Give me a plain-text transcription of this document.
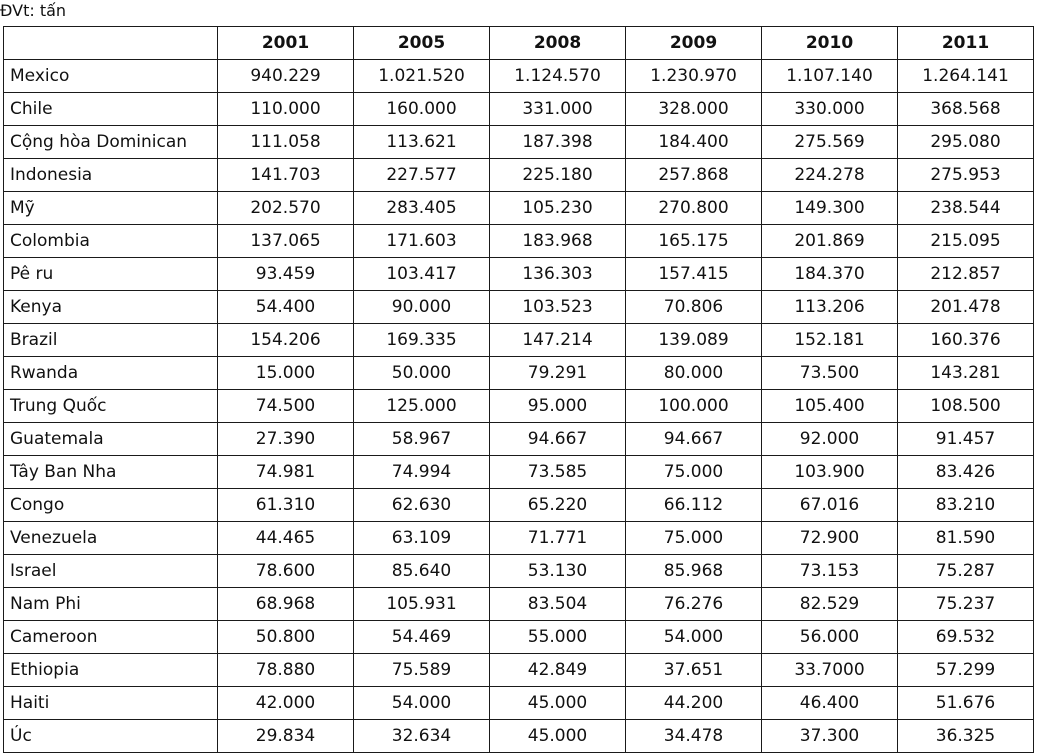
ĐVt: tấn
	2001	2005	2008	2009	2010	2011
Mexico	940.229	1.021.520	1.124.570	1.230.970	1.107.140	1.264.141
Chile	110.000	160.000	331.000	328.000	330.000	368.568
Cộng hòa Dominican	111.058	113.621	187.398	184.400	275.569	295.080
Indonesia	141.703	227.577	225.180	257.868	224.278	275.953
Mỹ	202.570	283.405	105.230	270.800	149.300	238.544
Colombia	137.065	171.603	183.968	165.175	201.869	215.095
Pê ru	93.459	103.417	136.303	157.415	184.370	212.857
Kenya	54.400	90.000	103.523	70.806	113.206	201.478
Brazil	154.206	169.335	147.214	139.089	152.181	160.376
Rwanda	15.000	50.000	79.291	80.000	73.500	143.281
Trung Quốc	74.500	125.000	95.000	100.000	105.400	108.500
Guatemala	27.390	58.967	94.667	94.667	92.000	91.457
Tây Ban Nha	74.981	74.994	73.585	75.000	103.900	83.426
Congo	61.310	62.630	65.220	66.112	67.016	83.210
Venezuela	44.465	63.109	71.771	75.000	72.900	81.590
Israel	78.600	85.640	53.130	85.968	73.153	75.287
Nam Phi	68.968	105.931	83.504	76.276	82.529	75.237
Cameroon	50.800	54.469	55.000	54.000	56.000	69.532
Ethiopia	78.880	75.589	42.849	37.651	33.7000	57.299
Haiti	42.000	54.000	45.000	44.200	46.400	51.676
Úc	29.834	32.634	45.000	34.478	37.300	36.325
